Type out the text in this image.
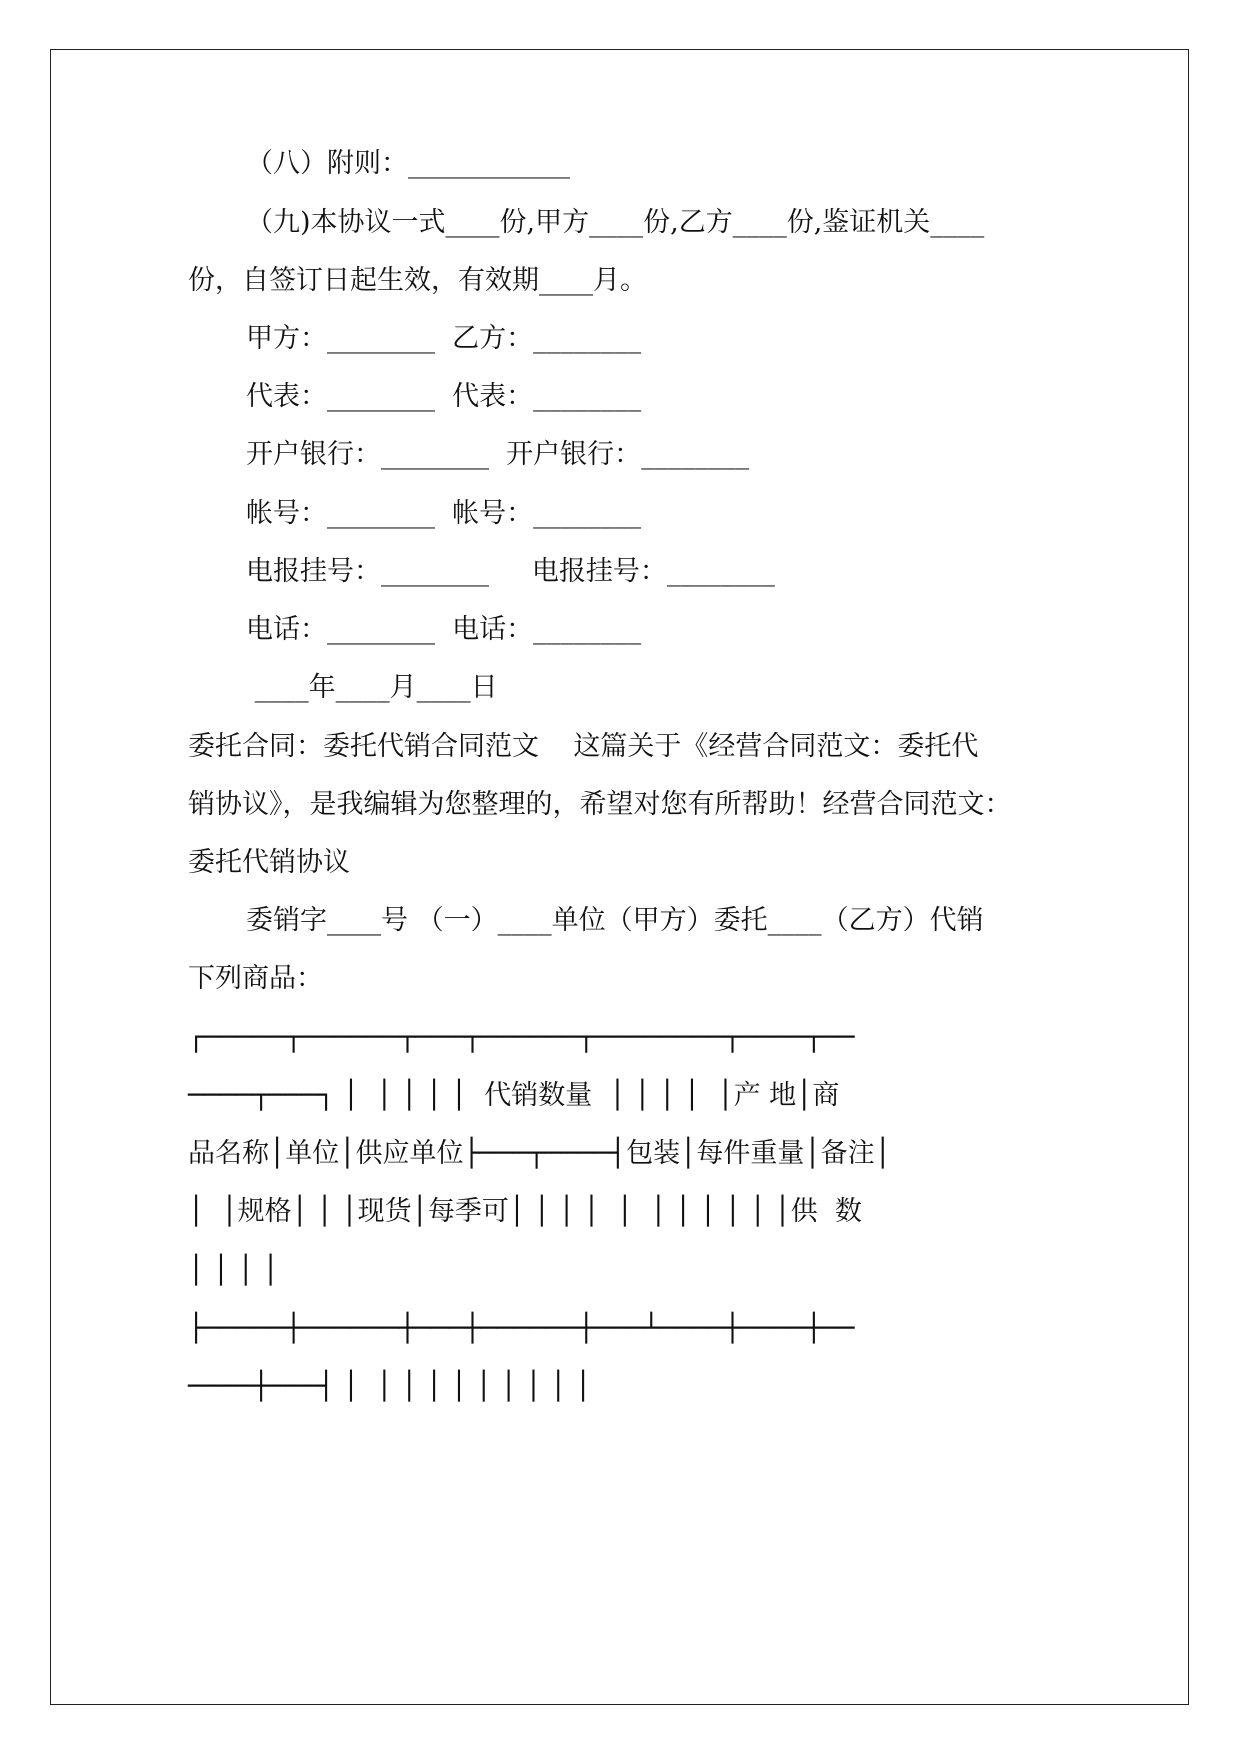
（八）附则：____________
（九)本协议一式____份,甲方____份,乙方____份,鉴证机关____
份，自签订日起生效，有效期____月。
甲方：________  乙方：________
代表：________  代表：________
开户银行：________  开户银行：________
帐号：________  帐号：________
电报挂号：________     电报挂号：________
电话：________  电话：________
____年____月____日
委托合同：委托代销合同范文    这篇关于《经营合同范文：委托代
销协议》，是我编辑为您整理的，希望对您有所帮助！经营合同范文：
委托代销协议
委销字____号 （一）____单位（甲方）委托____（乙方）代销
下列商品：
┌─────┬──────┬───┬──────┬────────┬────┬──
────┬───┐ │  │ │ │ │  代销数量  │ │ │ │  │产 地│商
品名称│单位│供应单位├───┬────┤包装│每件重量│备注│
│  │规格│ │ │现货│每季可│ │ │ │  │  │ │ │ │ │ │供  数
│ │ │ │
├─────┼──────┼───┼──────┼───┴────┼────┼──
────┼───┤ │  │ │ │ │ │ │ │ │ │
